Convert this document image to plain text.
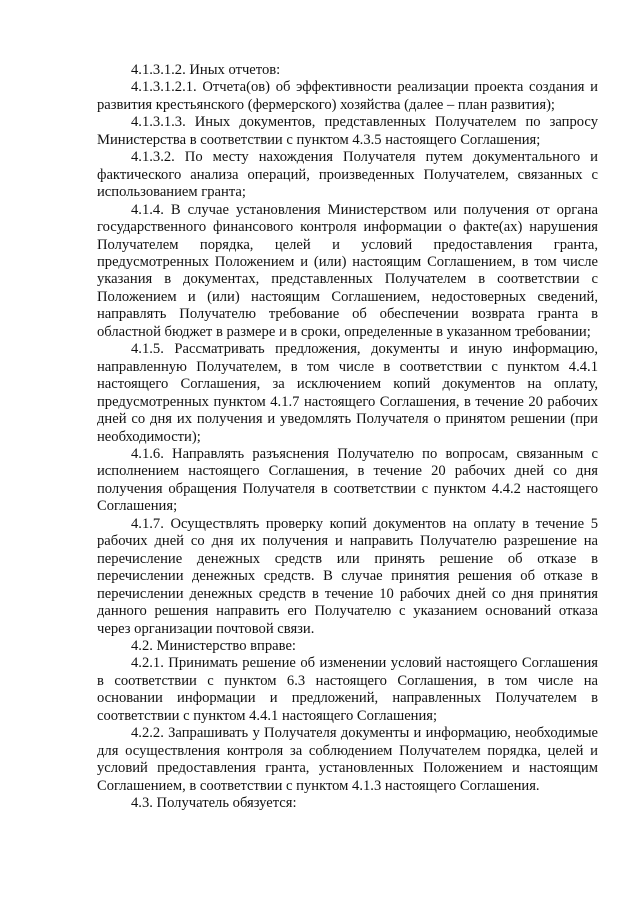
4.1.3.1.2. Иных отчетов:

4.1.3.1.2.1. Отчета(ов) об эффективности реализации проекта создания и развития крестьянского (фермерского) хозяйства (далее – план развития);

4.1.3.1.3. Иных документов, представленных Получателем по запросу Министерства в соответствии с пунктом 4.3.5 настоящего Соглашения;

4.1.3.2. По месту нахождения Получателя путем документального и фактического анализа операций, произведенных Получателем, связанных с использованием гранта;

4.1.4. В случае установления Министерством или получения от органа государственного финансового контроля информации о факте(ах) нарушения Получателем порядка, целей и условий предоставления гранта, предусмотренных Положением и (или) настоящим Соглашением, в том числе указания в документах, представленных Получателем в соответствии с Положением и (или) настоящим Соглашением, недостоверных сведений, направлять Получателю требование об обеспечении возврата гранта в областной бюджет в размере и в сроки, определенные в указанном требовании;

4.1.5. Рассматривать предложения, документы и иную информацию, направленную Получателем, в том числе в соответствии с пунктом 4.4.1 настоящего Соглашения, за исключением копий документов на оплату, предусмотренных пунктом 4.1.7 настоящего Соглашения, в течение 20 рабочих дней со дня их получения и уведомлять Получателя о принятом решении (при необходимости);

4.1.6. Направлять разъяснения Получателю по вопросам, связанным с исполнением настоящего Соглашения, в течение 20 рабочих дней со дня получения обращения Получателя в соответствии с пунктом 4.4.2 настоящего Соглашения;

4.1.7. Осуществлять проверку копий документов на оплату в течение 5 рабочих дней со дня их получения и направить Получателю разрешение на перечисление денежных средств или принять решение об отказе в перечислении денежных средств. В случае принятия решения об отказе в перечислении денежных средств в течение 10 рабочих дней со дня принятия данного решения направить его Получателю с указанием оснований отказа через организации почтовой связи.

4.2. Министерство вправе:

4.2.1. Принимать решение об изменении условий настоящего Соглашения в соответствии с пунктом 6.3 настоящего Соглашения, в том числе на основании информации и предложений, направленных Получателем в соответствии с пунктом 4.4.1 настоящего Соглашения;

4.2.2. Запрашивать у Получателя документы и информацию, необходимые для осуществления контроля за соблюдением Получателем порядка, целей и условий предоставления гранта, установленных Положением и настоящим Соглашением, в соответствии с пунктом 4.1.3 настоящего Соглашения.

4.3. Получатель обязуется:
